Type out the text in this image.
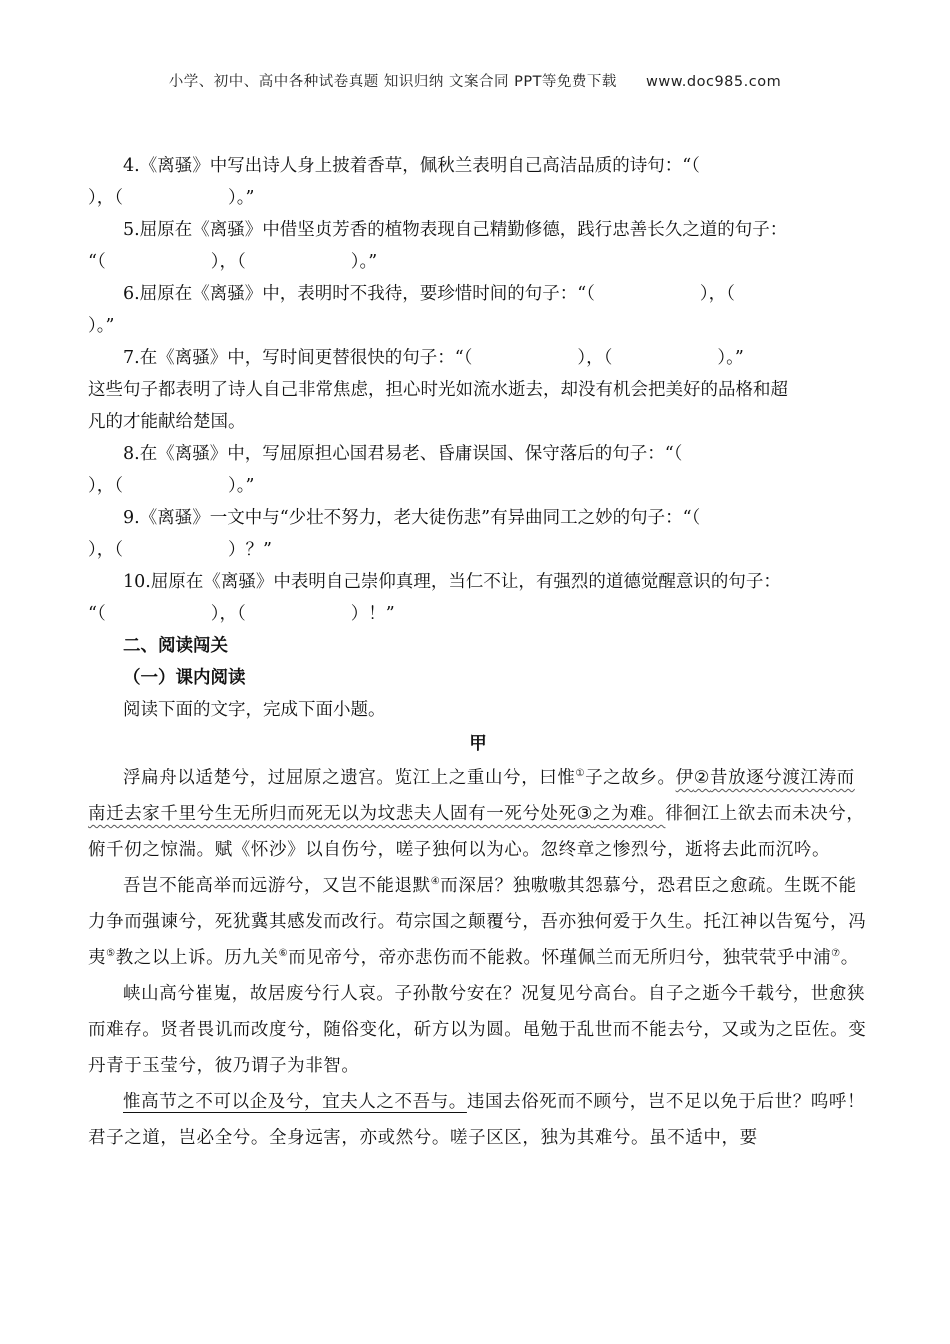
小学、初中、高中各种试卷真题 知识归纳 文案合同 PPT等免费下载 www.doc985.com

4.《离骚》中写出诗人身上披着香草，佩秋兰表明自己高洁品质的诗句：“（

），（　　　　　　）。”

5.屈原在《离骚》中借坚贞芳香的植物表现自己精勤修德，践行忠善长久之道的句子：

“（　　　　　　），（　　　　　　）。”

6.屈原在《离骚》中，表明时不我待，要珍惜时间的句子：“（　　　　　　），（

）。”

7.在《离骚》中，写时间更替很快的句子：“（　　　　　　），（　　　　　　）。”

这些句子都表明了诗人自己非常焦虑，担心时光如流水逝去，却没有机会把美好的品格和超

凡的才能献给楚国。

8.在《离骚》中，写屈原担心国君易老、昏庸误国、保守落后的句子：“（

），（　　　　　　）。”

9.《离骚》一文中与“少壮不努力，老大徒伤悲”有异曲同工之妙的句子：“（

），（　　　　　　）？”

10.屈原在《离骚》中表明自己崇仰真理，当仁不让，有强烈的道德觉醒意识的句子：

“（　　　　　　），（　　　　　　）！”

二、阅读闯关

（一）课内阅读

阅读下面的文字，完成下面小题。

甲

浮扁舟以适楚兮，过屈原之遗宫。览江上之重山兮，曰惟①子之故乡。伊②昔放逐兮渡江涛而南迁去家千里兮生无所归而死无以为坟悲夫人固有一死兮处死③之为难。徘徊江上欲去而未决兮，俯千仞之惊湍。赋《怀沙》以自伤兮，嗟子独何以为心。忽终章之惨烈兮，逝将去此而沉吟。

吾岂不能高举而远游兮，又岂不能退默④而深居？独嗷嗷其怨慕兮，恐君臣之愈疏。生既不能力争而强谏兮，死犹冀其感发而改行。苟宗国之颠覆兮，吾亦独何爱于久生。托江神以告冤兮，冯夷⑤教之以上诉。历九关⑥而见帝兮，帝亦悲伤而不能救。怀瑾佩兰而无所归兮，独茕茕乎中浦⑦。

峡山高兮崔嵬，故居废兮行人哀。子孙散兮安在？况复见兮高台。自子之逝今千载兮，世愈狭而难存。贤者畏讥而改度兮，随俗变化，斫方以为圆。黾勉于乱世而不能去兮，又或为之臣佐。变丹青于玉莹兮，彼乃谓子为非智。

惟高节之不可以企及兮，宜夫人之不吾与。违国去俗死而不顾兮，岂不足以免于后世？呜呼！君子之道，岂必全兮。全身远害，亦或然兮。嗟子区区，独为其难兮。虽不适中，要
